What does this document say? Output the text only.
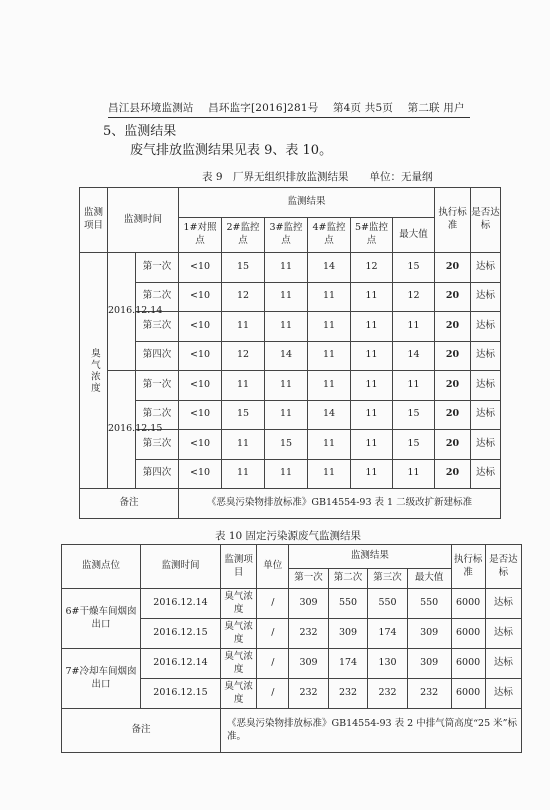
昌江县环境监测站 昌环监字[2016]281号 第4页 共5页 第二联 用户
5、监测结果
废气排放监测结果见表 9、表 10。
表 9　厂界无组织排放监测结果　　单位：无量纲
监测项目	监测时间		监测结果						执行标准	是否达标
			1#对照点	2#监控点	3#监控点	4#监控点	5#监控点	最大值		
臭气浓度	2016.12.14	第一次	<10	15	11	14	12	15	20	达标
		第二次	<10	12	11	11	11	12	20	达标
		第三次	<10	11	11	11	11	11	20	达标
		第四次	<10	12	14	11	11	14	20	达标
	2016.12.15	第一次	<10	11	11	11	11	11	20	达标
		第二次	<10	15	11	14	11	15	20	达标
		第三次	<10	11	15	11	11	15	20	达标
		第四次	<10	11	11	11	11	11	20	达标
备注			《恶臭污染物排放标准》GB14554-93 表 1 二级改扩新建标准							
表 10 固定污染源废气监测结果
监测点位	监测时间	监测项目	单位	监测结果				执行标准	是否达标
				第一次	第二次	第三次	最大值		
6#干燥车间烟囱出口	2016.12.14	臭气浓度	/	309	550	550	550	6000	达标
	2016.12.15	臭气浓度	/	232	309	174	309	6000	达标
7#冷却车间烟囱出口	2016.12.14	臭气浓度	/	309	174	130	309	6000	达标
	2016.12.15	臭气浓度	/	232	232	232	232	6000	达标
备注		《恶臭污染物排放标准》GB14554-93 表 2 中排气筒高度“25 米”标准。							
